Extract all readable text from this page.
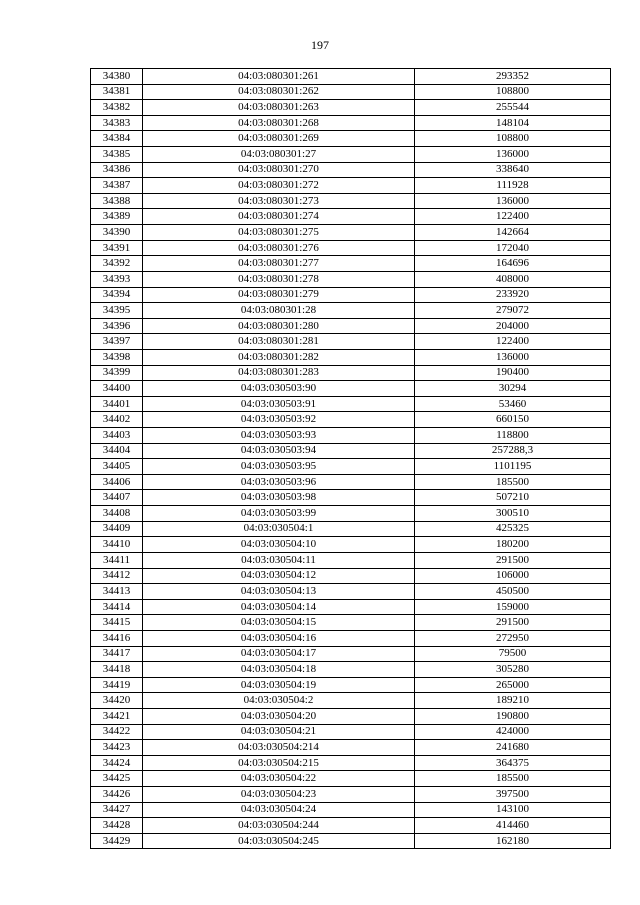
197
34380	04:03:080301:261	293352
34381	04:03:080301:262	108800
34382	04:03:080301:263	255544
34383	04:03:080301:268	148104
34384	04:03:080301:269	108800
34385	04:03:080301:27	136000
34386	04:03:080301:270	338640
34387	04:03:080301:272	111928
34388	04:03:080301:273	136000
34389	04:03:080301:274	122400
34390	04:03:080301:275	142664
34391	04:03:080301:276	172040
34392	04:03:080301:277	164696
34393	04:03:080301:278	408000
34394	04:03:080301:279	233920
34395	04:03:080301:28	279072
34396	04:03:080301:280	204000
34397	04:03:080301:281	122400
34398	04:03:080301:282	136000
34399	04:03:080301:283	190400
34400	04:03:030503:90	30294
34401	04:03:030503:91	53460
34402	04:03:030503:92	660150
34403	04:03:030503:93	118800
34404	04:03:030503:94	257288,3
34405	04:03:030503:95	1101195
34406	04:03:030503:96	185500
34407	04:03:030503:98	507210
34408	04:03:030503:99	300510
34409	04:03:030504:1	425325
34410	04:03:030504:10	180200
34411	04:03:030504:11	291500
34412	04:03:030504:12	106000
34413	04:03:030504:13	450500
34414	04:03:030504:14	159000
34415	04:03:030504:15	291500
34416	04:03:030504:16	272950
34417	04:03:030504:17	79500
34418	04:03:030504:18	305280
34419	04:03:030504:19	265000
34420	04:03:030504:2	189210
34421	04:03:030504:20	190800
34422	04:03:030504:21	424000
34423	04:03:030504:214	241680
34424	04:03:030504:215	364375
34425	04:03:030504:22	185500
34426	04:03:030504:23	397500
34427	04:03:030504:24	143100
34428	04:03:030504:244	414460
34429	04:03:030504:245	162180
